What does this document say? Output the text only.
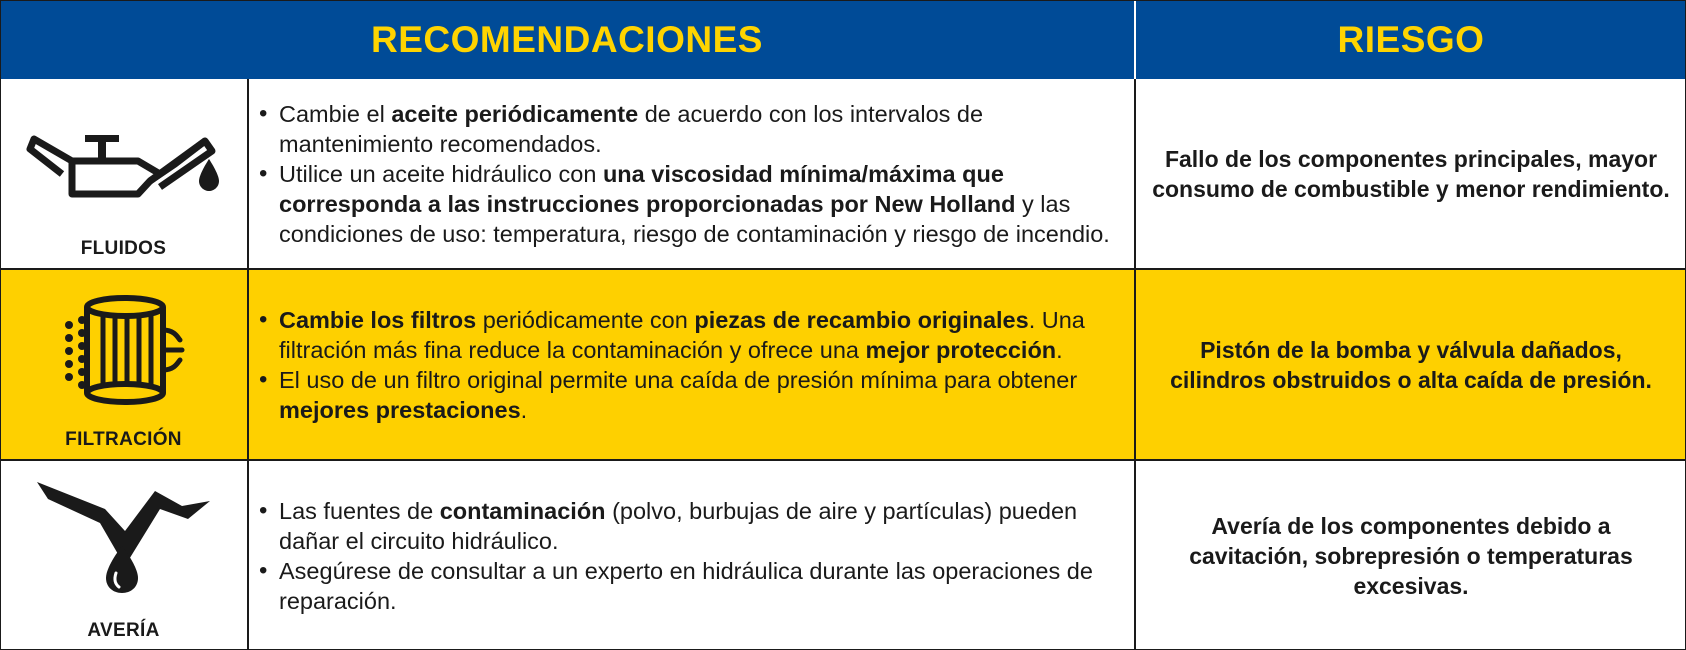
RECOMENDACIONES	RIESGO
FLUIDOS
• Cambie el aceite periódicamente de acuerdo con los intervalos de mantenimiento recomendados.
• Utilice un aceite hidráulico con una viscosidad mínima/máxima que corresponda a las instrucciones proporcionadas por New Holland y las condiciones de uso: temperatura, riesgo de contaminación y riesgo de incendio.
Fallo de los componentes principales, mayor consumo de combustible y menor rendimiento.
FILTRACIÓN
• Cambie los filtros periódicamente con piezas de recambio originales. Una filtración más fina reduce la contaminación y ofrece una mejor protección.
• El uso de un filtro original permite una caída de presión mínima para obtener mejores prestaciones.
Pistón de la bomba y válvula dañados, cilindros obstruidos o alta caída de presión.
AVERÍA
• Las fuentes de contaminación (polvo, burbujas de aire y partículas) pueden dañar el circuito hidráulico.
• Asegúrese de consultar a un experto en hidráulica durante las operaciones de reparación.
Avería de los componentes debido a cavitación, sobrepresión o temperaturas excesivas.
